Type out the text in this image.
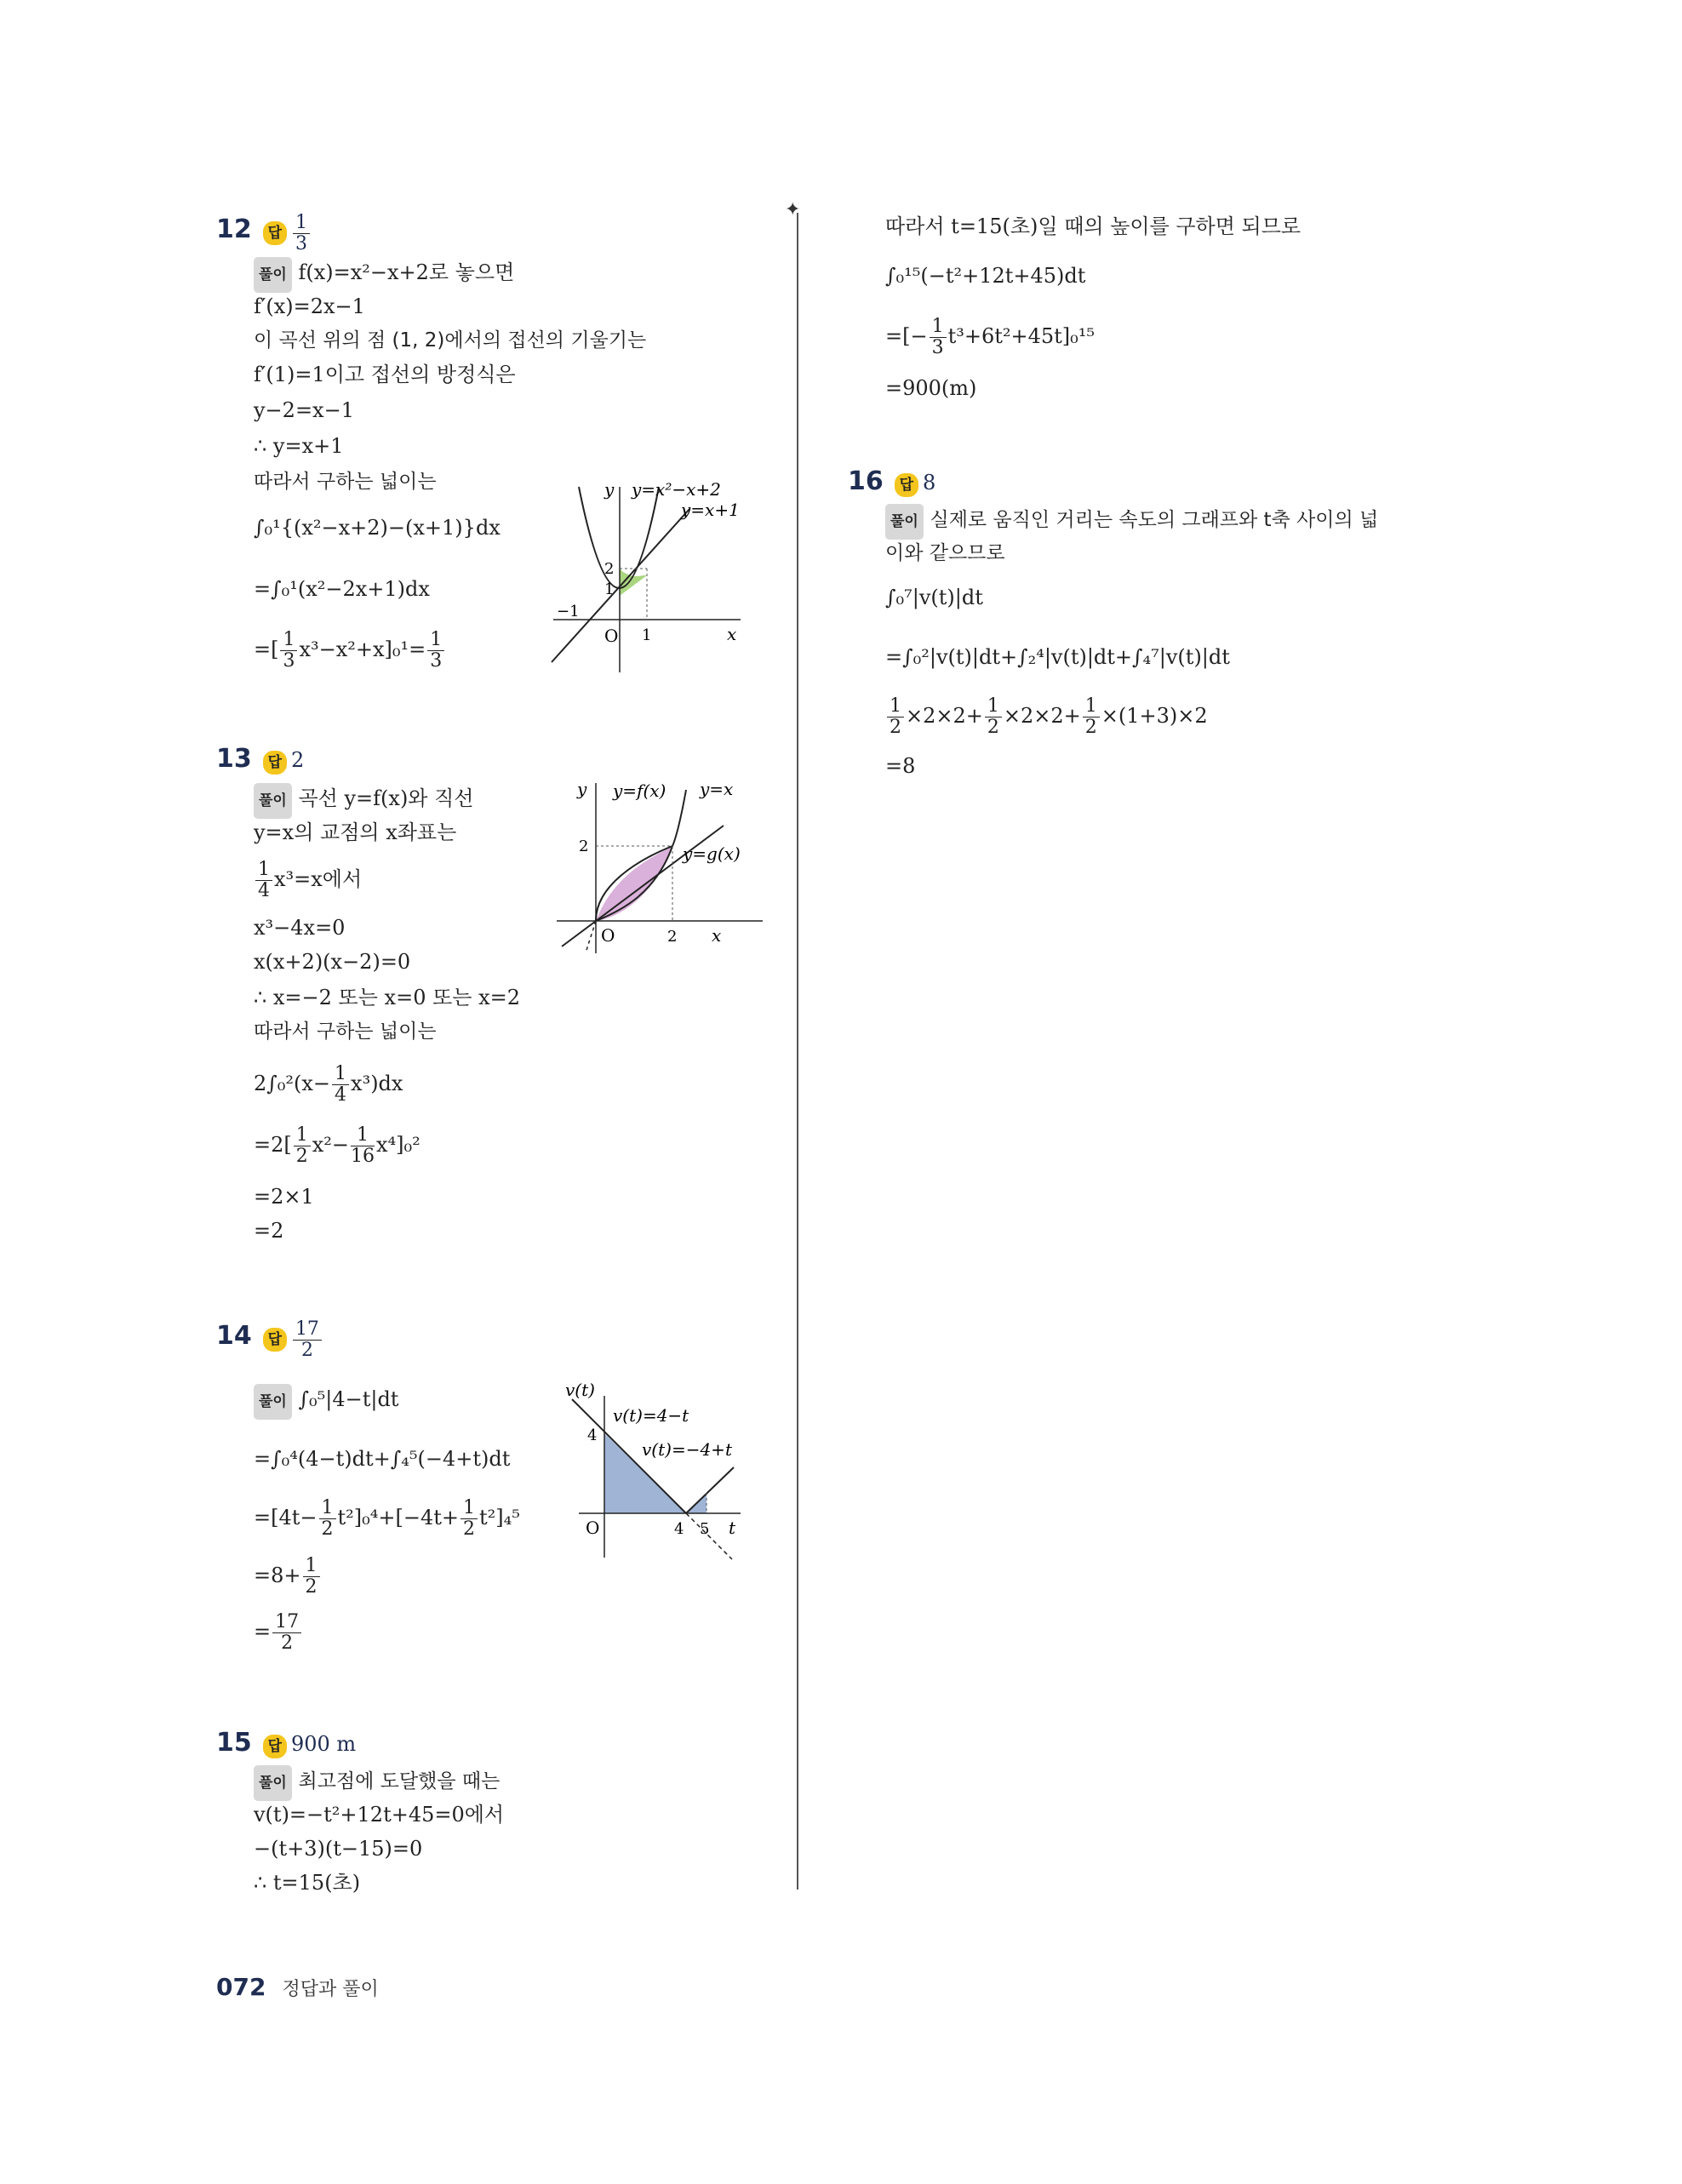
✦
12 답 $\frac{1}{3}$
풀이 f(x)=x²−x+2로 놓으면
f′(x)=2x−1
이 곡선 위의 점 (1, 2)에서의 접선의 기울기는
f′(1)=1이고 접선의 방정식은
y−2=x−1
∴ y=x+1
따라서 구하는 넓이는
∫₀¹{(x²−x+2)−(x+1)}dx
=∫₀¹(x²−2x+1)dx
=[ $\frac{1}{3} x^3-x^2+x]_0^1= \frac{1}{3}$
y=x²−x+2
y=x+1
y
x
O
2
1
−1
1
13 답 2
풀이 곡선 y=f(x)와 직선
y=x의 교점의 x좌표는
$\frac{1}{4} x^3=x$에서
x³−4x=0
x(x+2)(x−2)=0
∴ x=−2 또는 x=0 또는 x=2
따라서 구하는 넓이는
$2\int_0^2(x- \frac{1}{4} x^3)dx$
$=2[ \frac{1}{2} x^2- \frac{1}{16} x^4]_0^2$
=2×1
=2
y=f(x) y=x
y=g(x)
y
x
O
2
2
14 답 $\frac{17}{2}$
풀이 ∫₀⁵|4−t|dt
=∫₀⁴(4−t)dt+∫₄⁵(−4+t)dt
$=[4t- \frac{1}{2} t^2]_0^4+[-4t+ \frac{1}{2} t^2]_4^5$
$=8+ \frac{1}{2}$
= $\frac{17}{2}$
v(t)
t
O
4
4 5
v(t)=4−t
v(t)=−4+t
15 답 900 m
풀이 최고점에 도달했을 때는
v(t)=−t²+12t+45=0에서
−(t+3)(t−15)=0
∴ t=15(초)
따라서 t=15(초)일 때의 높이를 구하면 되므로
∫₀¹⁵(−t²+12t+45)dt
=[− $\frac{1}{3} t^3+6t^2+45t]_0^{15}$
=900(m)
16 답 8
풀이 실제로 움직인 거리는 속도의 그래프와 t축 사이의 넓
이와 같으므로
∫₀⁷|v(t)|dt
=∫₀²|v(t)|dt+∫₂⁴|v(t)|dt+∫₄⁷|v(t)|dt
$\frac{1}{2} \times 2\times 2+ \frac{1}{2} \times 2\times 2+ \frac{1}{2} \times(1+3)\times 2$
=8
072 정답과 풀이
